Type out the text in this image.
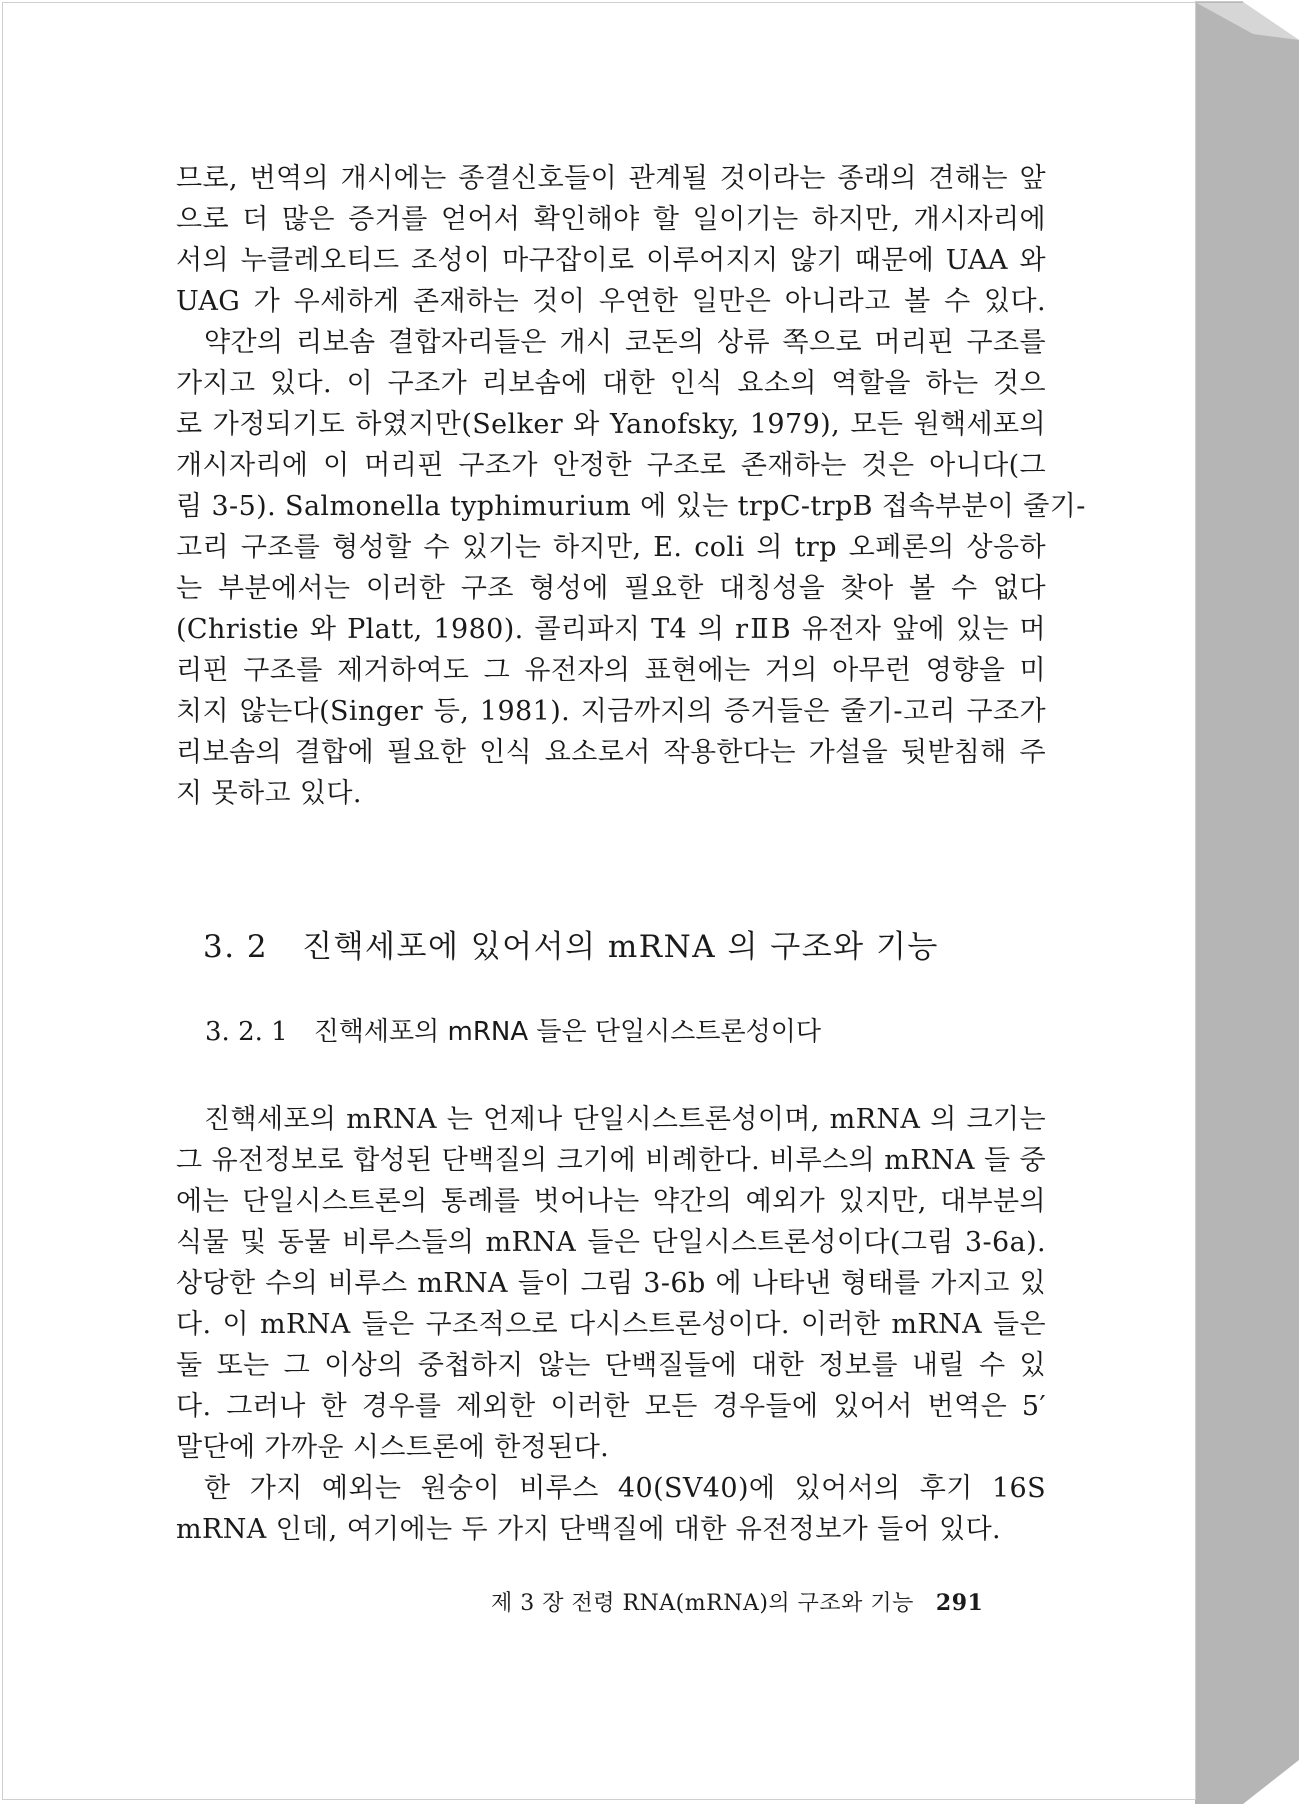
므로, 번역의 개시에는 종결신호들이 관계될 것이라는 종래의 견해는 앞
으로 더 많은 증거를 얻어서 확인해야 할 일이기는 하지만, 개시자리에
서의 누클레오티드 조성이 마구잡이로 이루어지지 않기 때문에 UAA 와
UAG 가 우세하게 존재하는 것이 우연한 일만은 아니라고 볼 수 있다.
약간의 리보솜 결합자리들은 개시 코돈의 상류 쪽으로 머리핀 구조를
가지고 있다. 이 구조가 리보솜에 대한 인식 요소의 역할을 하는 것으
로 가정되기도 하였지만(Selker 와 Yanofsky, 1979), 모든 원핵세포의
개시자리에 이 머리핀 구조가 안정한 구조로 존재하는 것은 아니다(그
림 3-5). Salmonella typhimurium 에 있는 trpC-trpB 접속부분이 줄기-
고리 구조를 형성할 수 있기는 하지만, E. coli 의 trp 오페론의 상응하
는 부분에서는 이러한 구조 형성에 필요한 대칭성을 찾아 볼 수 없다
(Christie 와 Platt, 1980). 콜리파지 T4 의 rⅡB 유전자 앞에 있는 머
리핀 구조를 제거하여도 그 유전자의 표현에는 거의 아무런 영향을 미
치지 않는다(Singer 등, 1981). 지금까지의 증거들은 줄기-고리 구조가
리보솜의 결합에 필요한 인식 요소로서 작용한다는 가설을 뒷받침해 주
지 못하고 있다.
3. 2 진핵세포에 있어서의 mRNA 의 구조와 기능
3. 2. 1 진핵세포의 mRNA 들은 단일시스트론성이다
진핵세포의 mRNA 는 언제나 단일시스트론성이며, mRNA 의 크기는
그 유전정보로 합성된 단백질의 크기에 비례한다. 비루스의 mRNA 들 중
에는 단일시스트론의 통례를 벗어나는 약간의 예외가 있지만, 대부분의
식물 및 동물 비루스들의 mRNA 들은 단일시스트론성이다(그림 3-6a).
상당한 수의 비루스 mRNA 들이 그림 3-6b 에 나타낸 형태를 가지고 있
다. 이 mRNA 들은 구조적으로 다시스트론성이다. 이러한 mRNA 들은
둘 또는 그 이상의 중첩하지 않는 단백질들에 대한 정보를 내릴 수 있
다. 그러나 한 경우를 제외한 이러한 모든 경우들에 있어서 번역은 5′
말단에 가까운 시스트론에 한정된다.
한 가지 예외는 원숭이 비루스 40(SV40)에 있어서의 후기 16S
mRNA 인데, 여기에는 두 가지 단백질에 대한 유전정보가 들어 있다.
제 3 장 전령 RNA(mRNA)의 구조와 기능 291
